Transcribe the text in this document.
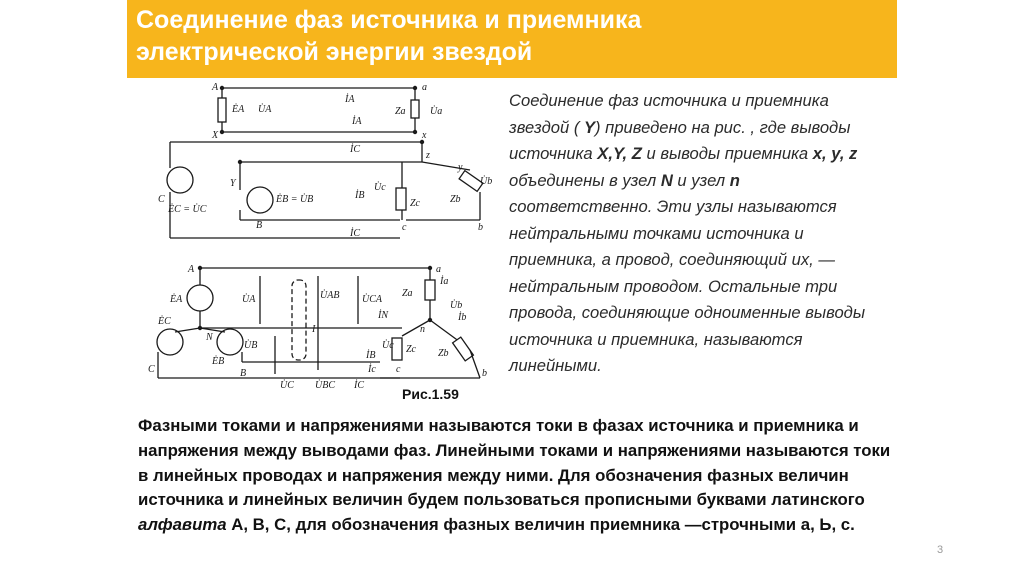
Соединение фаз источника и приемника
электрической энергии звездой
A
X
a
x
z
y
C
Y
B	b
c
ĖA U̇A
İA
İA
Za U̇a
İC
ĖC = U̇C
ĖB = U̇B	İB
U̇c
Zc	Zb
U̇b
İC
A	a
İa
ĖA	U̇A	U̇AB U̇CA
Za
ĖC
N
I
İN	İb
U̇b
n
Zc Zb
ĖB
U̇B
İB
U̇c
İc
C	B	c	b
U̇C U̇BC İC

Соединение фаз источника и приемника звездой ( Y) приведено на рис. , где выводы источника X,Y, Z и выводы приемника x, y, z объединены в узел N и узел n соответственно. Эти узлы называются нейтральными точками источника и приемника, а провод, соединяющий их, — нейтральным проводом. Остальные три провода, соединяющие одноименные выводы источника и приемника, называются линейными.

Рис.1.59

Фазными токами и напряжениями называются токи в фазах источника и приемника и напряжения между выводами фаз. Линейными токами и напряжениями называются токи в линейных проводах и напряжения между ними. Для обозначения фазных величин источника и линейных величин будем пользоваться прописными буквами латинского алфавита А, В, С, для обозначения фазных величин приемника —строчными а, Ь, с.

3
